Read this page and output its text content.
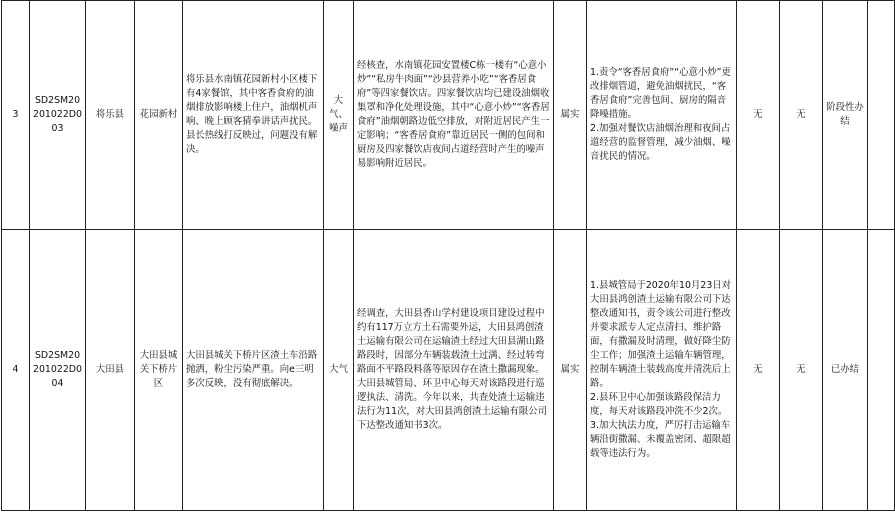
3	SD2SM20201022D003	将乐县	花园新村	将乐县水南镇花园新村小区楼下有4家餐馆，其中客香食府的油烟排放影响楼上住户，油烟机声响、晚上顾客猜拳讲话声扰民。县长热线打反映过，问题没有解决。	大气、噪声	经核查，水南镇花园安置楼C栋一楼有“心意小炒”“私房牛肉面”“沙县营养小吃”“客香居食府”等四家餐饮店。四家餐饮店均已建设油烟收集罩和净化处理设施，其中“心意小炒”“客香居食府”油烟朝路边低空排放，对附近居民产生一定影响；“客香居食府”靠近居民一侧的包间和厨房及四家餐饮店夜间占道经营时产生的噪声易影响附近居民。	属实	1.责令“客香居食府”“心意小炒”更改排烟管道，避免油烟扰民，“客香居食府”完善包间、厨房的隔音降噪措施。
2.加强对餐饮店油烟治理和夜间占道经营的监督管理，减少油烟、噪音扰民的情况。	无	无	阶段性办结	
4	SD2SM20201022D004	大田县	大田县城关下桥片区	大田县城关下桥片区渣土车沿路抛洒，粉尘污染严重。向e三明多次反映，没有彻底解决。	大气	经调查，大田县香山学村建设项目建设过程中约有117万立方土石需要外运，大田县鸿创渣土运输有限公司在运输渣土经过大田县湖山路路段时，因部分车辆装载渣土过满、经过转弯路面不平路段料落等原因存在渣土撒漏现象。大田县城管局、环卫中心每天对该路段进行巡逻执法、清洗。今年以来，共查处渣土运输违法行为11次，对大田县鸿创渣土运输有限公司下达整改通知书3次。	属实	1.县城管局于2020年10月23日对大田县鸿创渣土运输有限公司下达整改通知书，责令该公司进行整改并要求派专人定点清扫、维护路面，有撒漏及时清理，做好降尘防尘工作；加强渣土运输车辆管理，控制车辆渣土装载高度并清洗后上路。
2.县环卫中心加强该路段保洁力度，每天对该路段冲洗不少2次。
3.加大执法力度，严厉打击运输车辆沿街撒漏、未覆盖密闭、超限超载等违法行为。	无	无	已办结	
